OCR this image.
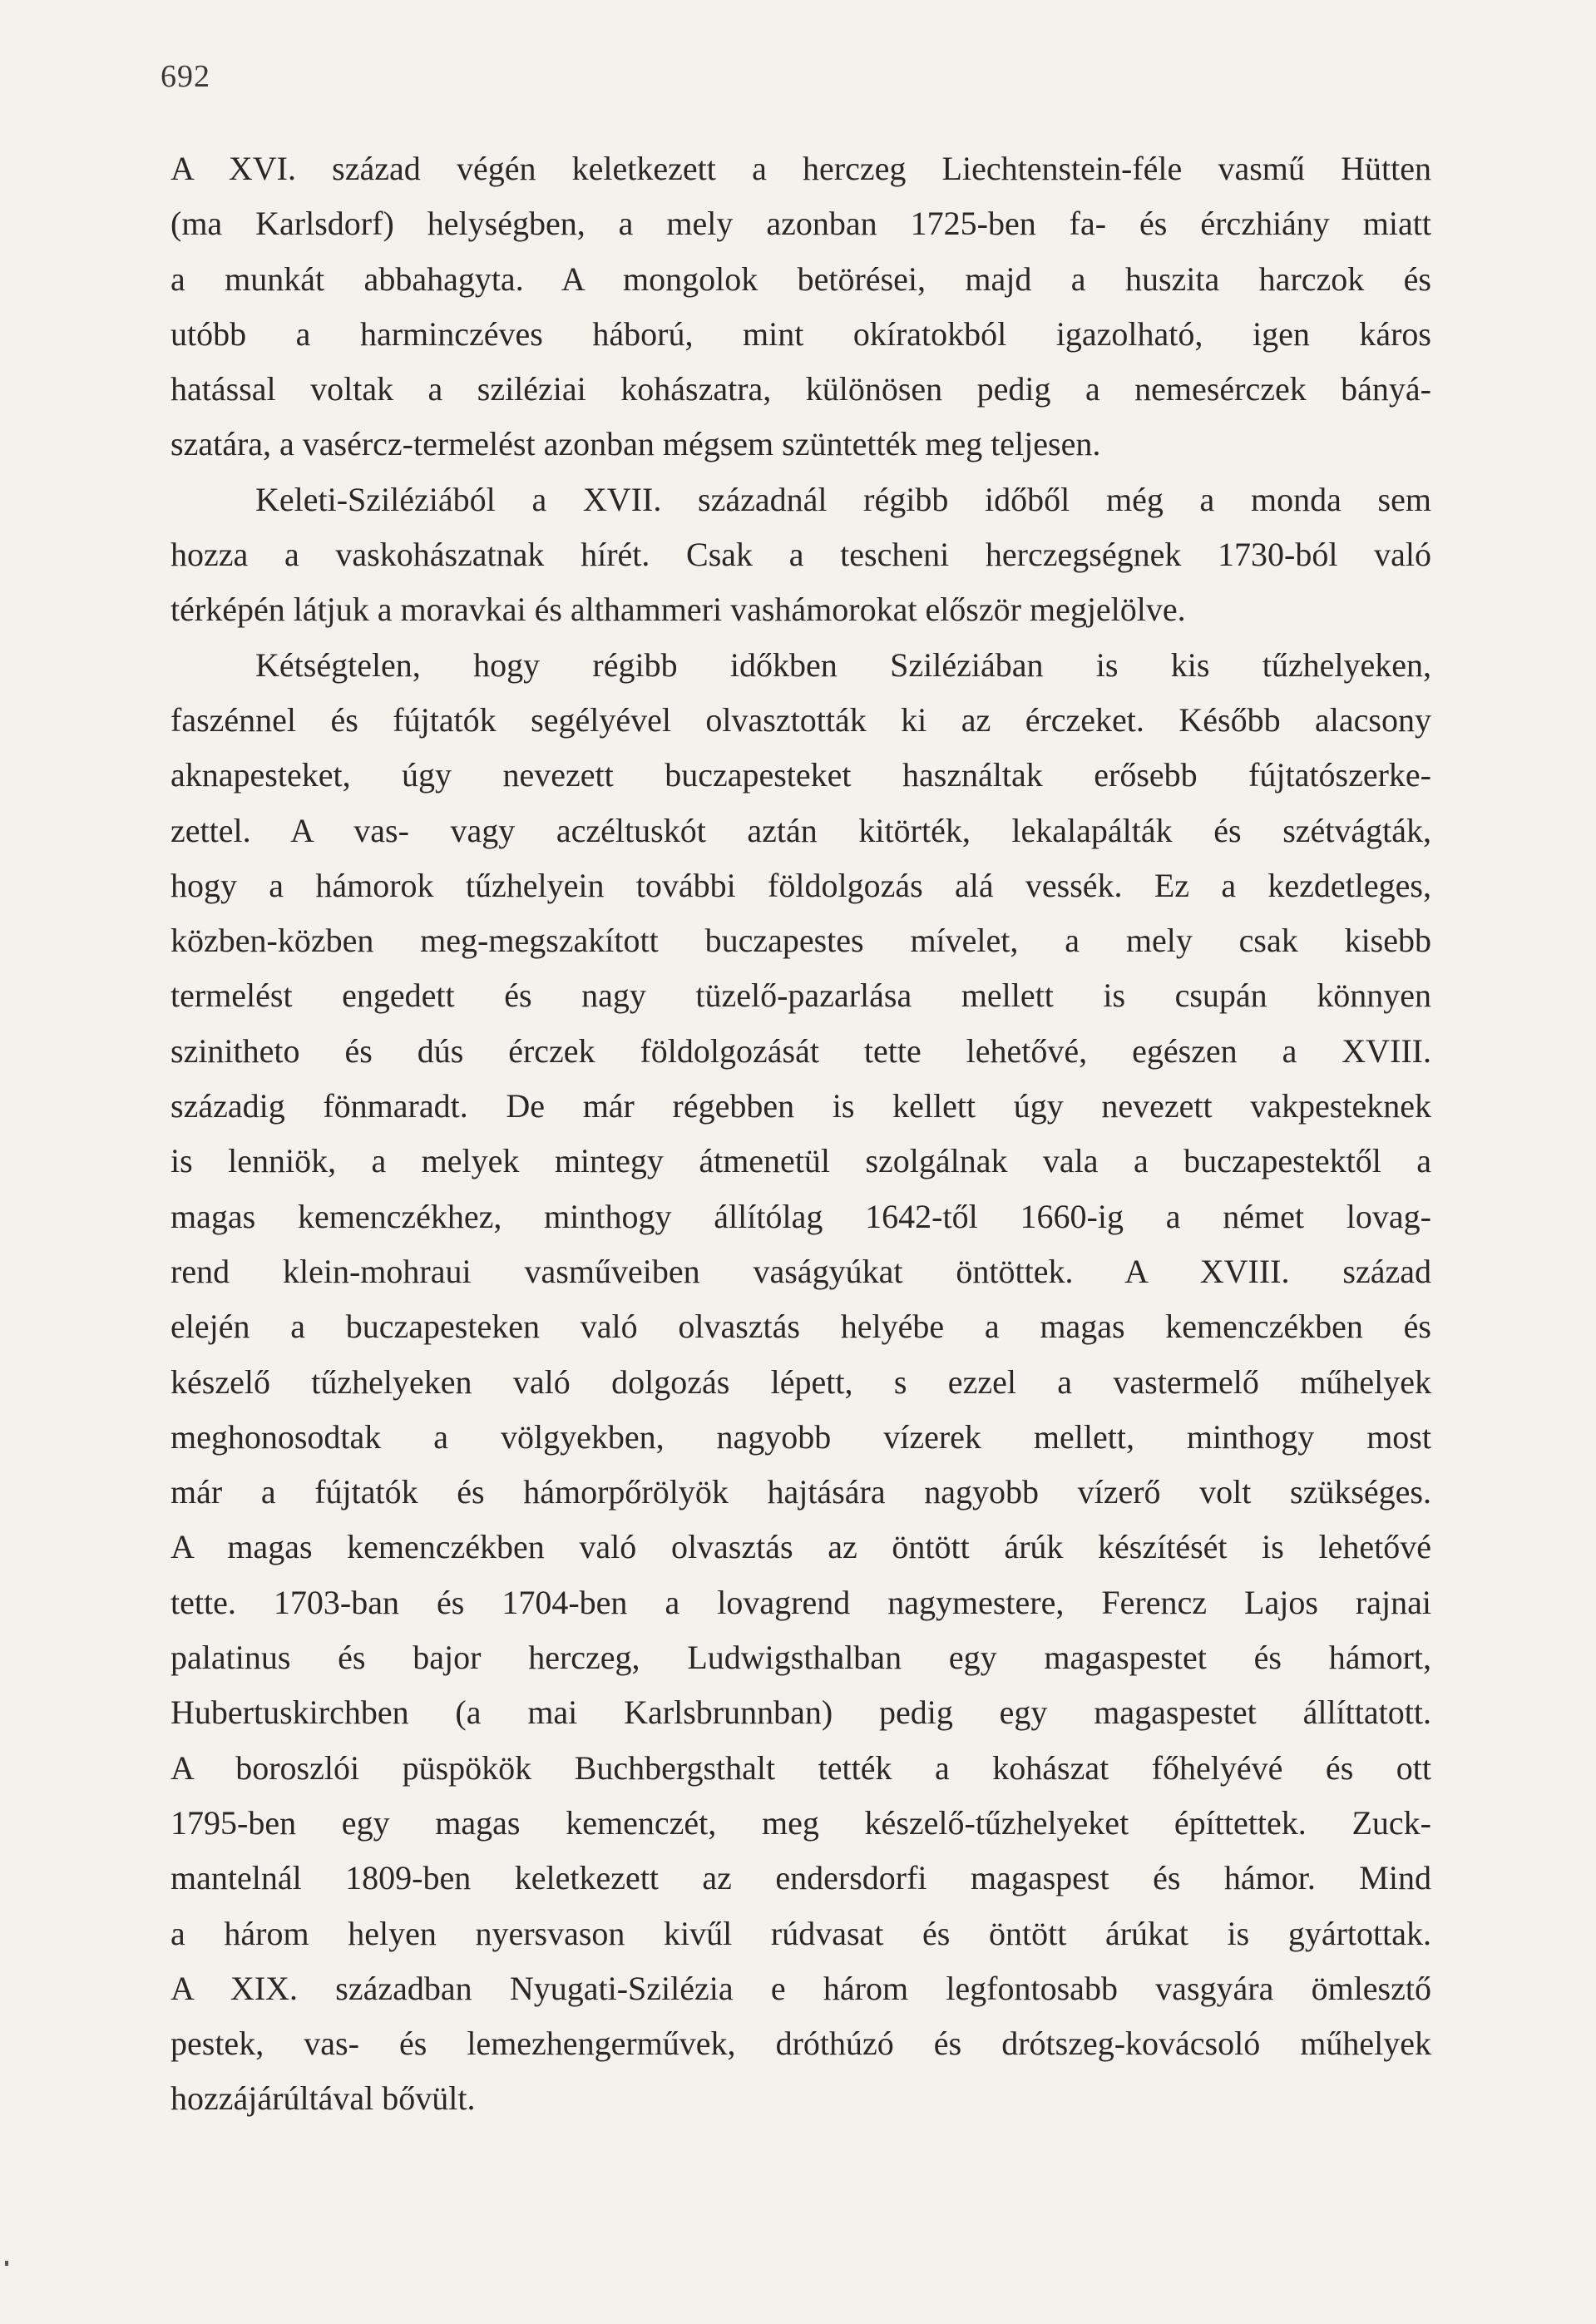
692
A XVI. század végén keletkezett a herczeg Liechtenstein-féle vasmű Hütten
(ma Karlsdorf) helységben, a mely azonban 1725-ben fa- és érczhiány miatt
a munkát abbahagyta. A mongolok betörései, majd a huszita harczok és
utóbb a harminczéves háború, mint okíratokból igazolható, igen káros
hatással voltak a sziléziai kohászatra, különösen pedig a nemesérczek bányá-
szatára, a vasércz-termelést azonban mégsem szüntették meg teljesen.
Keleti-Sziléziából a XVII. századnál régibb időből még a monda sem
hozza a vaskohászatnak hírét. Csak a tescheni herczegségnek 1730-ból való
térképén látjuk a moravkai és althammeri vashámorokat először megjelölve.
Kétségtelen, hogy régibb időkben Sziléziában is kis tűzhelyeken,
faszénnel és fújtatók segélyével olvasztották ki az érczeket. Később alacsony
aknapesteket, úgy nevezett buczapesteket használtak erősebb fújtatószerke-
zettel. A vas- vagy aczéltuskót aztán kitörték, lekalapálták és szétvágták,
hogy a hámorok tűzhelyein további földolgozás alá vessék. Ez a kezdetleges,
közben-közben meg-megszakított buczapestes mívelet, a mely csak kisebb
termelést engedett és nagy tüzelő-pazarlása mellett is csupán könnyen
szinitheto és dús érczek földolgozását tette lehetővé, egészen a XVIII.
századig fönmaradt. De már régebben is kellett úgy nevezett vakpesteknek
is lenniök, a melyek mintegy átmenetül szolgálnak vala a buczapestektől a
magas kemenczékhez, minthogy állítólag 1642-től 1660-ig a német lovag-
rend klein-mohraui vasműveiben vaságyúkat öntöttek. A XVIII. század
elején a buczapesteken való olvasztás helyébe a magas kemenczékben és
készelő tűzhelyeken való dolgozás lépett, s ezzel a vastermelő műhelyek
meghonosodtak a völgyekben, nagyobb vízerek mellett, minthogy most
már a fújtatók és hámorpőrölyök hajtására nagyobb vízerő volt szükséges.
A magas kemenczékben való olvasztás az öntött árúk készítését is lehetővé
tette. 1703-ban és 1704-ben a lovagrend nagymestere, Ferencz Lajos rajnai
palatinus és bajor herczeg, Ludwigsthalban egy magaspestet és hámort,
Hubertuskirchben (a mai Karlsbrunnban) pedig egy magaspestet állíttatott.
A boroszlói püspökök Buchbergsthalt tették a kohászat főhelyévé és ott
1795-ben egy magas kemenczét, meg készelő-tűzhelyeket építtettek. Zuck-
mantelnál 1809-ben keletkezett az endersdorfi magaspest és hámor. Mind
a három helyen nyersvason kivűl rúdvasat és öntött árúkat is gyártottak.
A XIX. században Nyugati-Szilézia e három legfontosabb vasgyára ömlesztő
pestek, vas- és lemezhengerművek, dróthúzó és drótszeg-kovácsoló műhelyek
hozzájárúltával bővült.
